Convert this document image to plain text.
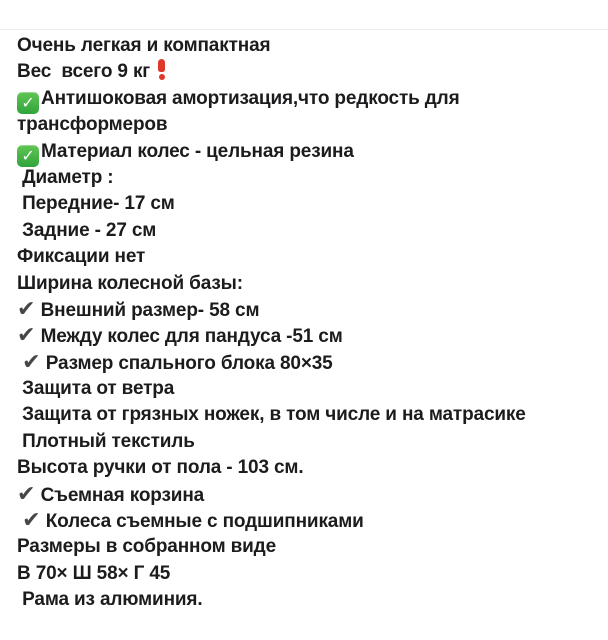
Очень легкая и компактная
Вес  всего 9 кг
✓ Антишоковая амортизация,что редкость для
трансформеров
✓ Материал колес - цельная резина
Диаметр :
Передние- 17 см
Задние - 27 см
Фиксации нет
Ширина колесной базы:
✔ Внешний размер- 58 см
✔ Между колес для пандуса -51 см
✔ Размер спального блока 80×35
Защита от ветра
Защита от грязных ножек, в том числе и на матрасике
Плотный текстиль
Высота ручки от пола - 103 см.
✔ Съемная корзина
✔ Колеса съемные с подшипниками
Размеры в собранном виде
В 70× Ш 58× Г 45
Рама из алюминия.
